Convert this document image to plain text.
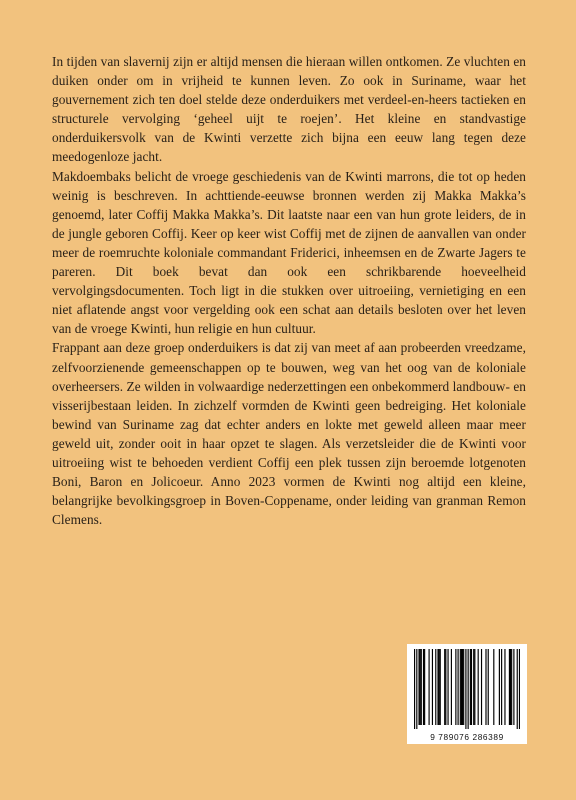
In tijden van slavernij zijn er altijd mensen die hieraan willen ontkomen. Ze vluchten en duiken onder om in vrijheid te kunnen leven. Zo ook in Suriname, waar het gouvernement zich ten doel stelde deze onderduikers met verdeel-en-heers tactieken en structurele vervolging ‘geheel uijt te roejen’. Het kleine en standvastige onderduikersvolk van de Kwinti verzette zich bijna een eeuw lang tegen deze meedogenloze jacht.

Makdoembaks belicht de vroege geschiedenis van de Kwinti marrons, die tot op heden weinig is beschreven. In achttiende-eeuwse bronnen werden zij Makka Makka’s genoemd, later Coffij Makka Makka’s. Dit laatste naar een van hun grote leiders, de in de jungle geboren Coffij. Keer op keer wist Coffij met de zijnen de aanvallen van onder meer de roemruchte koloniale commandant Friderici, inheemsen en de Zwarte Jagers te pareren. Dit boek bevat dan ook een schrikbarende hoeveelheid vervolgingsdocumenten. Toch ligt in die stukken over uitroeiing, vernietiging en een niet aflatende angst voor vergelding ook een schat aan details besloten over het leven van de vroege Kwinti, hun religie en hun cultuur.

Frappant aan deze groep onderduikers is dat zij van meet af aan probeerden vreedzame, zelfvoorzienende gemeenschappen op te bouwen, weg van het oog van de koloniale overheersers. Ze wilden in volwaardige nederzettingen een onbekommerd landbouw- en visserijbestaan leiden. In zichzelf vormden de Kwinti geen bedreiging. Het koloniale bewind van Suriname zag dat echter anders en lokte met geweld alleen maar meer geweld uit, zonder ooit in haar opzet te slagen. Als verzetsleider die de Kwinti voor uitroeiing wist te behoeden verdient Coffij een plek tussen zijn beroemde lotgenoten Boni, Baron en Jolicoeur. Anno 2023 vormen de Kwinti nog altijd een kleine, belangrijke bevolkingsgroep in Boven-Coppename, onder leiding van granman Remon Clemens.

9 789076 286389
